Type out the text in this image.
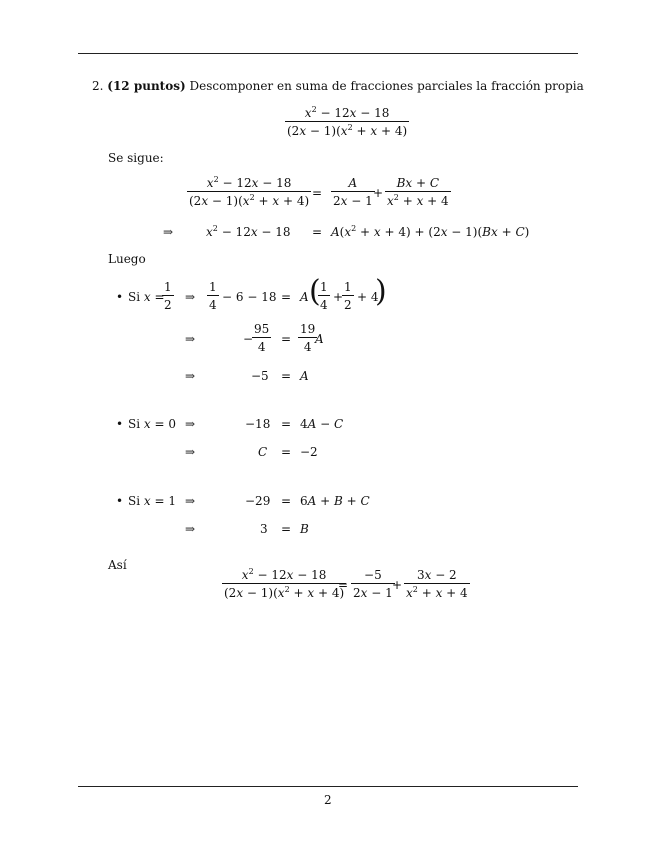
2. (12 puntos) Descomponer en suma de fracciones parciales la fracción propia
$\frac{x^2 - 12x - 18}{(2x - 1)(x^2 + x + 4)}$
Se sigue:
$\frac{x^2 - 12x - 18}{(2x - 1)(x^2 + x + 4)} = \frac{A}{2x - 1}$
+ $\frac{Bx + C}{x^2 + x + 4}$
⇒	$x^2 - 12x - 18 = A(x^2 + x + 4) + (2x - 1)(Bx + C)$
Luego
• Si x =
$\frac{1}{2}$ ⇒ $\frac{1}{4} - 6 - 18 = A$ (
$\frac{1}{4}$ +
$\frac{1}{2} + 4$
)
⇒	−
$\frac{95}{4} = \frac{19}{4}$
A
⇒	−5 = A
• Si x = 0 ⇒	−18 = 4A − C
⇒	C = −2
• Si x = 1 ⇒	−29 = 6A + B + C
⇒	3 = B
Así
$\frac{x^2 - 12x - 18}{(2x - 1)(x^2 + x + 4)}$
= $\frac{-5}{2x - 1}$
+ $\frac{3x - 2}{x^2 + x + 4}$
2
